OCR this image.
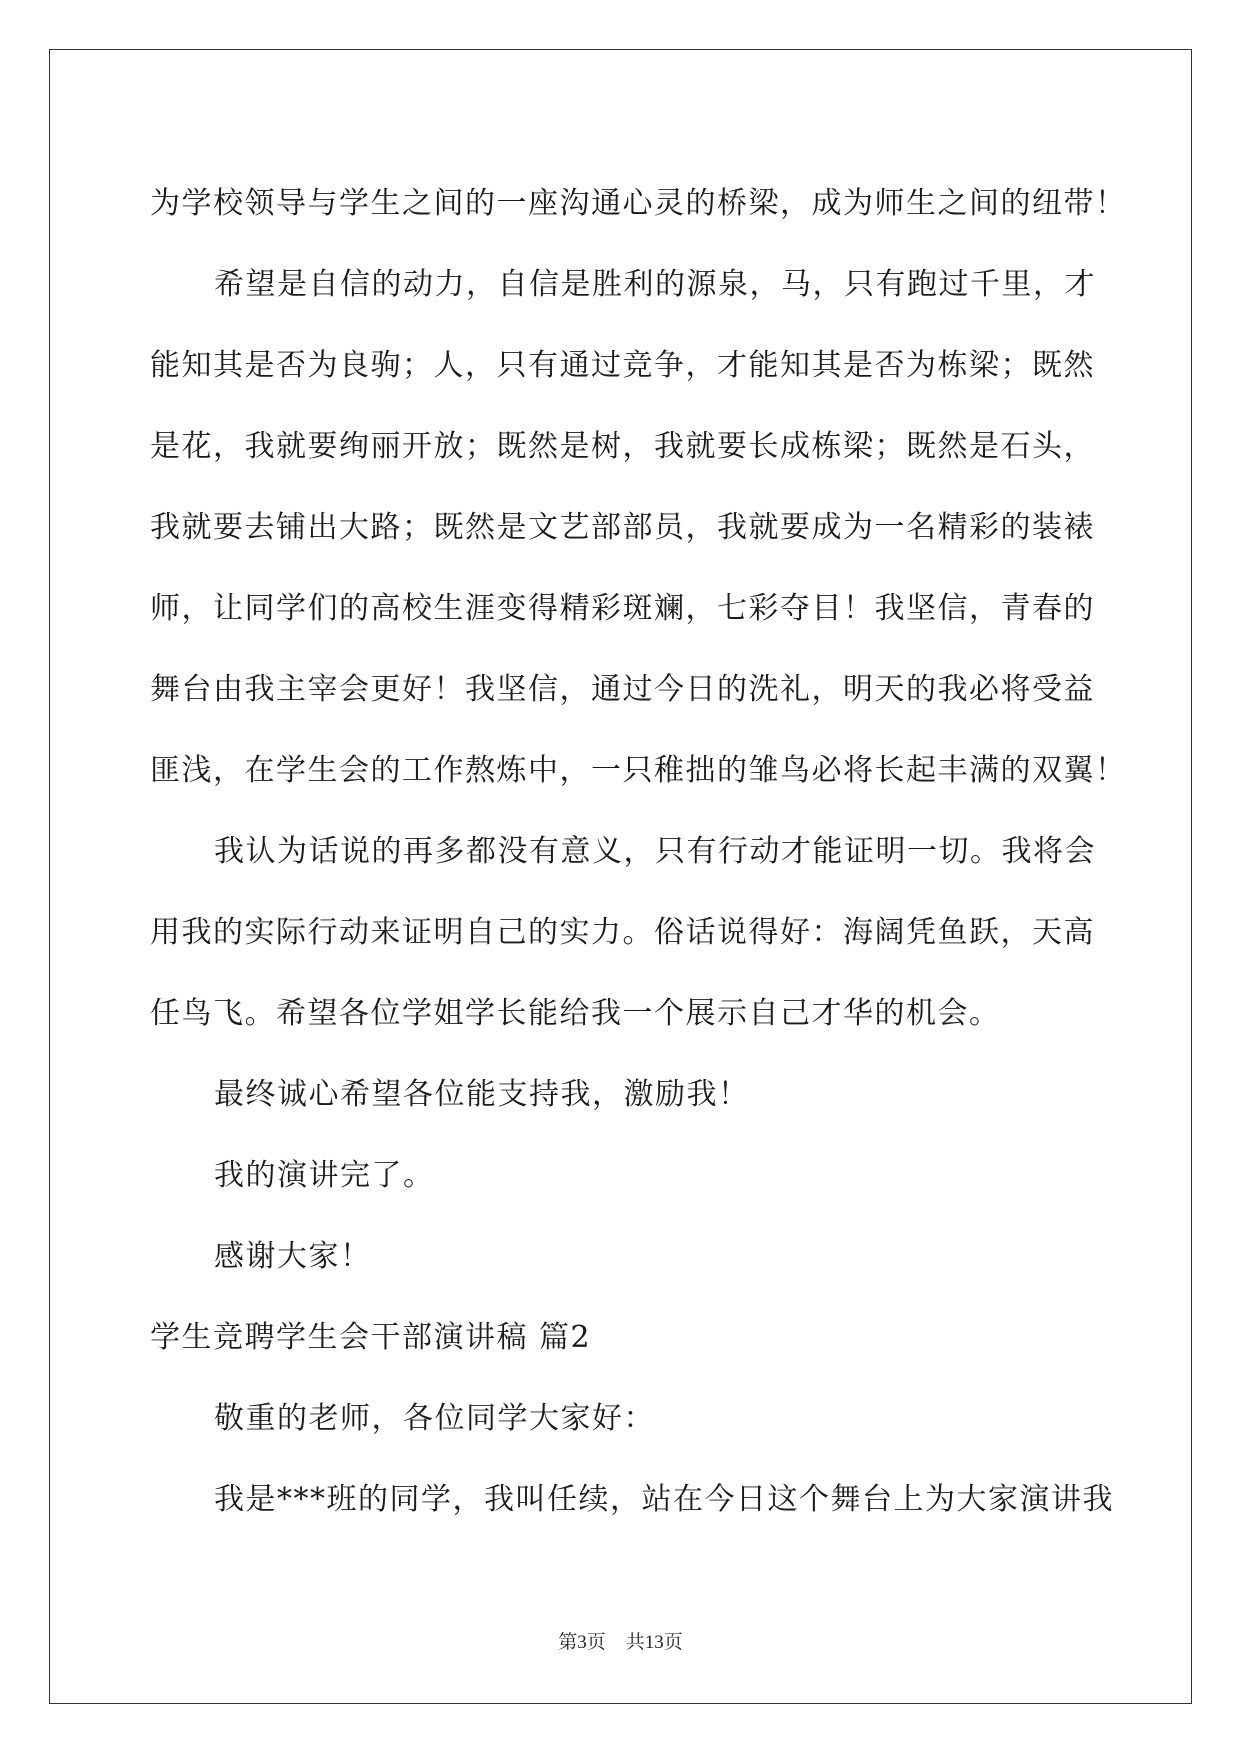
为学校领导与学生之间的一座沟通心灵的桥梁，成为师生之间的纽带！

希望是自信的动力，自信是胜利的源泉，马，只有跑过千里，才

能知其是否为良驹；人，只有通过竞争，才能知其是否为栋梁；既然

是花，我就要绚丽开放；既然是树，我就要长成栋梁；既然是石头，

我就要去铺出大路；既然是文艺部部员，我就要成为一名精彩的装裱

师，让同学们的高校生涯变得精彩斑斓，七彩夺目！我坚信，青春的

舞台由我主宰会更好！我坚信，通过今日的洗礼，明天的我必将受益

匪浅，在学生会的工作熬炼中，一只稚拙的雏鸟必将长起丰满的双翼！

我认为话说的再多都没有意义，只有行动才能证明一切。我将会

用我的实际行动来证明自己的实力。俗话说得好：海阔凭鱼跃，天高

任鸟飞。希望各位学姐学长能给我一个展示自己才华的机会。

最终诚心希望各位能支持我，激励我！

我的演讲完了。

感谢大家！

学生竞聘学生会干部演讲稿 篇2

敬重的老师，各位同学大家好：

我是***班的同学，我叫任续，站在今日这个舞台上为大家演讲我

第3页 共13页
